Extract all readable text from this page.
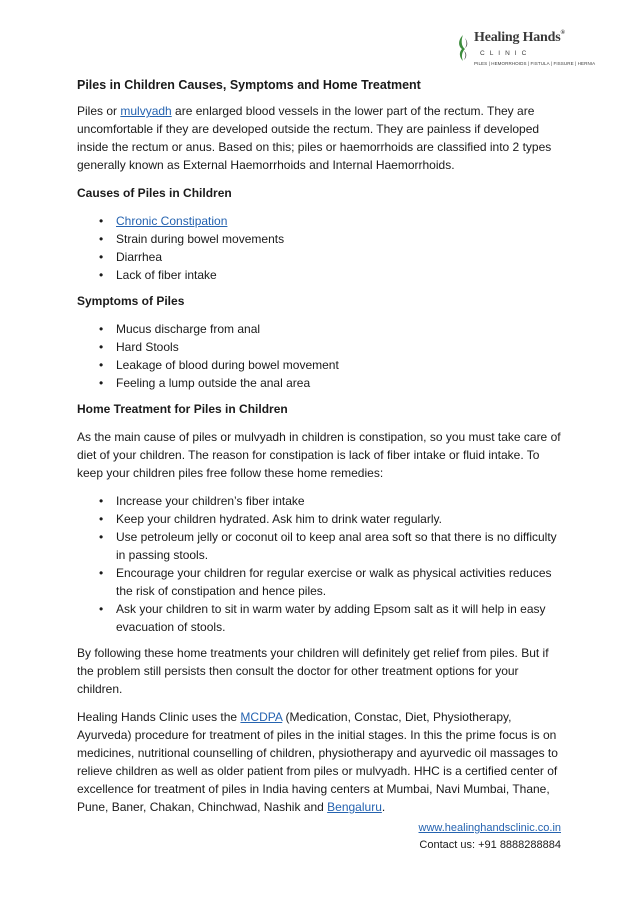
Healing Hands®
CLINIC
PILES | HEMORRHOIDS | FISTULA | FISSURE | HERNIA
Piles in Children Causes, Symptoms and Home Treatment

Piles or mulvyadh are enlarged blood vessels in the lower part of the rectum. They are uncomfortable if they are developed outside the rectum. They are painless if developed inside the rectum or anus. Based on this; piles or haemorrhoids are classified into 2 types generally known as External Haemorrhoids and Internal Haemorrhoids.

Causes of Piles in Children
• Chronic Constipation
• Strain during bowel movements
• Diarrhea
• Lack of fiber intake
Symptoms of Piles
• Mucus discharge from anal
• Hard Stools
• Leakage of blood during bowel movement
• Feeling a lump outside the anal area
Home Treatment for Piles in Children

As the main cause of piles or mulvyadh in children is constipation, so you must take care of diet of your children. The reason for constipation is lack of fiber intake or fluid intake. To keep your children piles free follow these home remedies:

• Increase your children’s fiber intake
• Keep your children hydrated. Ask him to drink water regularly.
• Use petroleum jelly or coconut oil to keep anal area soft so that there is no difficulty in passing stools.
• Encourage your children for regular exercise or walk as physical activities reduces the risk of constipation and hence piles.
• Ask your children to sit in warm water by adding Epsom salt as it will help in easy evacuation of stools.

By following these home treatments your children will definitely get relief from piles. But if the problem still persists then consult the doctor for other treatment options for your children.

Healing Hands Clinic uses the MCDPA (Medication, Constac, Diet, Physiotherapy, Ayurveda) procedure for treatment of piles in the initial stages. In this the prime focus is on medicines, nutritional counselling of children, physiotherapy and ayurvedic oil massages to relieve children as well as older patient from piles or mulvyadh. HHC is a certified center of excellence for treatment of piles in India having centers at Mumbai, Navi Mumbai, Thane, Pune, Baner, Chakan, Chinchwad, Nashik and Bengaluru.

www.healinghandsclinic.co.in
Contact us: +91 8888288884
